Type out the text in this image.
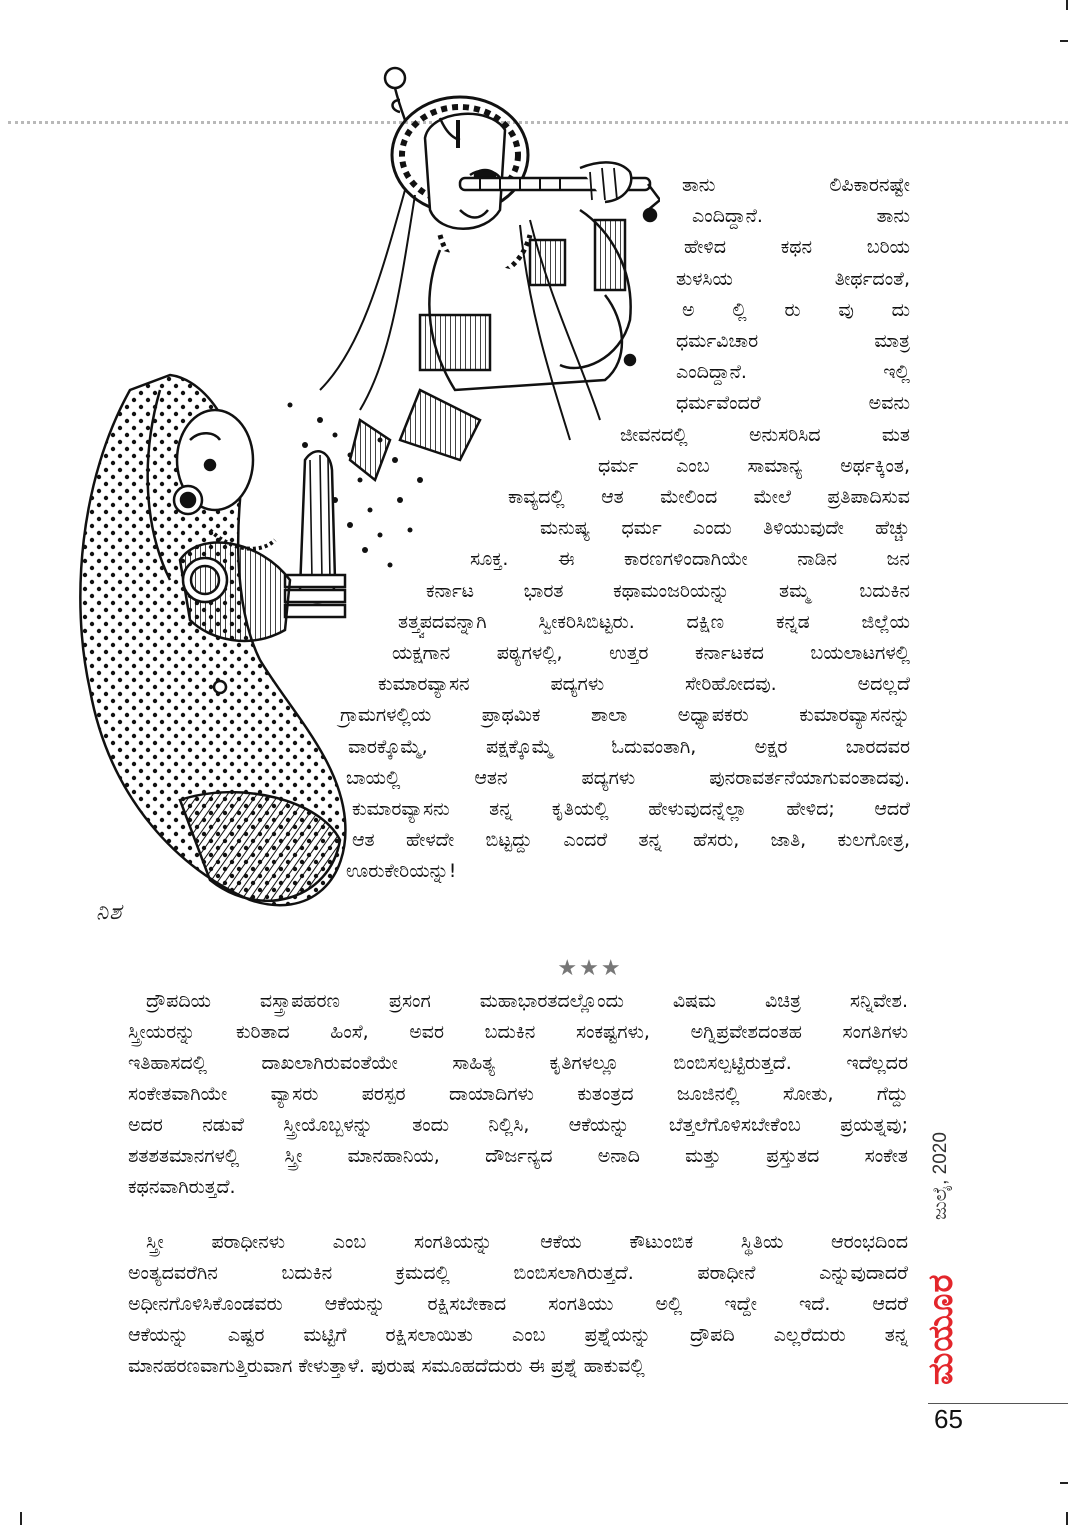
ನಿಶ
ತಾನು ಲಿಪಿಕಾರನಷ್ಟೇ
ಎಂದಿದ್ದಾನೆ. ತಾನು
ಹೇಳಿದ ಕಥನ ಬರಿಯ
ತುಳಸಿಯ ತೀರ್ಥದಂತೆ,
ಅ ಲ್ಲಿ ರು ವು ದು
ಧರ್ಮವಿಚಾರ ಮಾತ್ರ
ಎಂದಿದ್ದಾನೆ. ಇಲ್ಲಿ
ಧರ್ಮವೆಂದರೆ ಅವನು
ಜೀವನದಲ್ಲಿ ಅನುಸರಿಸಿದ ಮತ
ಧರ್ಮ ಎಂಬ ಸಾಮಾನ್ಯ ಅರ್ಥಕ್ಕಿಂತ,
ಕಾವ್ಯದಲ್ಲಿ ಆತ ಮೇಲಿಂದ ಮೇಲೆ ಪ್ರತಿಪಾದಿಸುವ
ಮನುಷ್ಯ ಧರ್ಮ ಎಂದು ತಿಳಿಯುವುದೇ ಹೆಚ್ಚು
ಸೂಕ್ತ. ಈ ಕಾರಣಗಳಿಂದಾಗಿಯೇ ನಾಡಿನ ಜನ
ಕರ್ನಾಟ ಭಾರತ ಕಥಾಮಂಜರಿಯನ್ನು ತಮ್ಮ ಬದುಕಿನ
ತತ್ತ್ವಪದವನ್ನಾಗಿ ಸ್ವೀಕರಿಸಿಬಿಟ್ಟರು. ದಕ್ಷಿಣ ಕನ್ನಡ ಜಿಲ್ಲೆಯ
ಯಕ್ಷಗಾನ ಪಠ್ಯಗಳಲ್ಲಿ, ಉತ್ತರ ಕರ್ನಾಟಕದ ಬಯಲಾಟಗಳಲ್ಲಿ
ಕುಮಾರವ್ಯಾಸನ ಪದ್ಯಗಳು ಸೇರಿಹೋದವು. ಅದಲ್ಲದೆ
ಗ್ರಾಮಗಳಲ್ಲಿಯ ಪ್ರಾಥಮಿಕ ಶಾಲಾ ಅಧ್ಯಾಪಕರು ಕುಮಾರವ್ಯಾಸನನ್ನು
ವಾರಕ್ಕೊಮ್ಮೆ, ಪಕ್ಷಕ್ಕೊಮ್ಮೆ ಓದುವಂತಾಗಿ, ಅಕ್ಷರ ಬಾರದವರ
ಬಾಯಲ್ಲಿ ಆತನ ಪದ್ಯಗಳು ಪುನರಾವರ್ತನೆಯಾಗುವಂತಾದವು.
ಕುಮಾರವ್ಯಾಸನು ತನ್ನ ಕೃತಿಯಲ್ಲಿ ಹೇಳುವುದನ್ನೆಲ್ಲಾ ಹೇಳಿದ; ಆದರೆ
ಆತ ಹೇಳದೇ ಬಿಟ್ಟದ್ದು ಎಂದರೆ ತನ್ನ ಹೆಸರು, ಜಾತಿ, ಕುಲಗೋತ್ರ,
ಊರುಕೇರಿಯನ್ನು!
★★★
ದ್ರೌಪದಿಯ ವಸ್ತ್ರಾಪಹರಣ ಪ್ರಸಂಗ ಮಹಾಭಾರತದಲ್ಲೊಂದು ವಿಷಮ ವಿಚಿತ್ರ ಸನ್ನಿವೇಶ.
ಸ್ತ್ರೀಯರನ್ನು ಕುರಿತಾದ ಹಿಂಸೆ, ಅವರ ಬದುಕಿನ ಸಂಕಷ್ಟಗಳು, ಅಗ್ನಿಪ್ರವೇಶದಂತಹ ಸಂಗತಿಗಳು
ಇತಿಹಾಸದಲ್ಲಿ ದಾಖಲಾಗಿರುವಂತೆಯೇ ಸಾಹಿತ್ಯ ಕೃತಿಗಳಲ್ಲೂ ಬಿಂಬಿಸಲ್ಪಟ್ಟಿರುತ್ತದೆ. ಇದೆಲ್ಲದರ
ಸಂಕೇತವಾಗಿಯೇ ವ್ಯಾಸರು ಪರಸ್ಪರ ದಾಯಾದಿಗಳು ಕುತಂತ್ರದ ಜೂಜಿನಲ್ಲಿ ಸೋತು, ಗೆದ್ದು
ಅದರ ನಡುವೆ ಸ್ತ್ರೀಯೊಬ್ಬಳನ್ನು ತಂದು ನಿಲ್ಲಿಸಿ, ಆಕೆಯನ್ನು ಬೆತ್ತಲೆಗೊಳಿಸಬೇಕೆಂಬ ಪ್ರಯತ್ನವು;
ಶತಶತಮಾನಗಳಲ್ಲಿ ಸ್ತ್ರೀ ಮಾನಹಾನಿಯ, ದೌರ್ಜನ್ಯದ ಅನಾದಿ ಮತ್ತು ಪ್ರಸ್ತುತದ ಸಂಕೇತ
ಕಥನವಾಗಿರುತ್ತದೆ.
ಸ್ತ್ರೀ ಪರಾಧೀನಳು ಎಂಬ ಸಂಗತಿಯನ್ನು ಆಕೆಯ ಕೌಟುಂಬಿಕ ಸ್ಥಿತಿಯ ಆರಂಭದಿಂದ
ಅಂತ್ಯದವರೆಗಿನ ಬದುಕಿನ ಕ್ರಮದಲ್ಲಿ ಬಿಂಬಿಸಲಾಗಿರುತ್ತದೆ. ಪರಾಧೀನೆ ಎನ್ನುವುದಾದರೆ
ಅಧೀನಗೊಳಿಸಿಕೊಂಡವರು ಆಕೆಯನ್ನು ರಕ್ಷಿಸಬೇಕಾದ ಸಂಗತಿಯು ಅಲ್ಲಿ ಇದ್ದೇ ಇದೆ. ಆದರೆ
ಆಕೆಯನ್ನು ಎಷ್ಟರ ಮಟ್ಟಿಗೆ ರಕ್ಷಿಸಲಾಯಿತು ಎಂಬ ಪ್ರಶ್ನೆಯನ್ನು ದ್ರೌಪದಿ ಎಲ್ಲರೆದುರು ತನ್ನ
ಮಾನಹರಣವಾಗುತ್ತಿರುವಾಗ ಕೇಳುತ್ತಾಳೆ. ಪುರುಷ ಸಮೂಹದೆದುರು ಈ ಪ್ರಶ್ನೆ ಹಾಕುವಲ್ಲಿ
ಜುಲೈ, 2020
ಮಯೂರ
65
